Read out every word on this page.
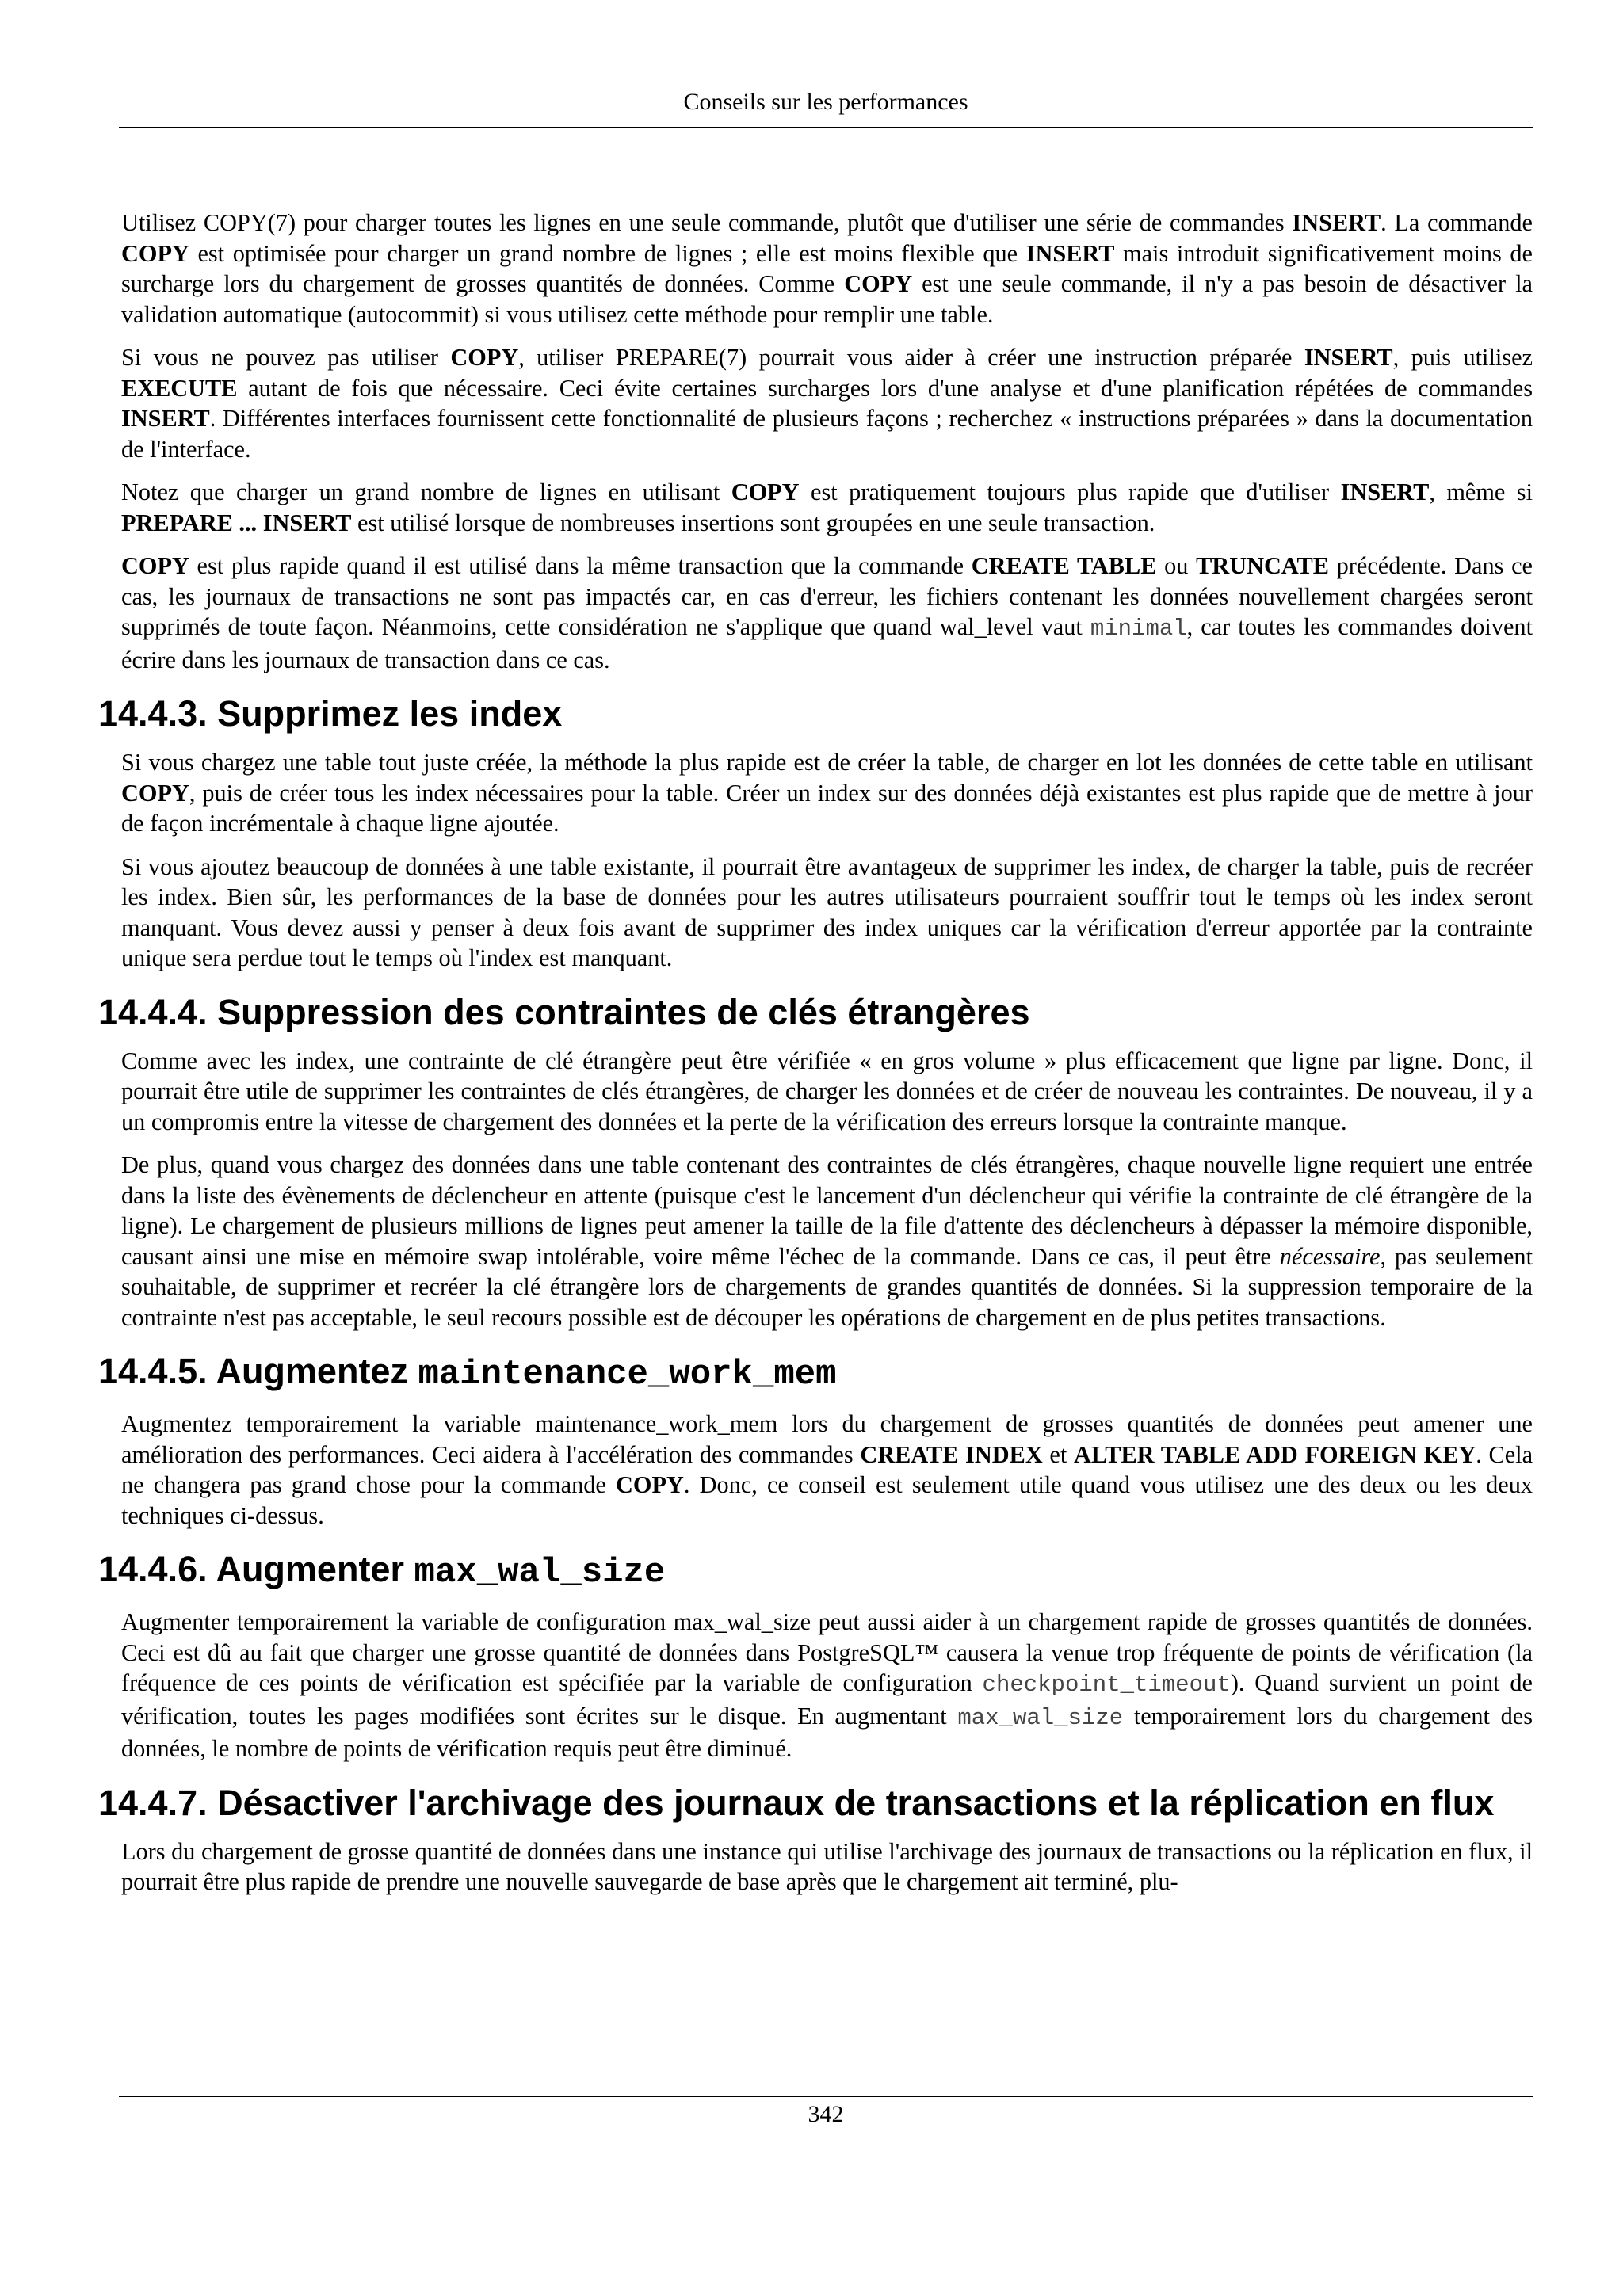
Conseils sur les performances

Utilisez COPY(7) pour charger toutes les lignes en une seule commande, plutôt que d'utiliser une série de commandes INSERT. La commande COPY est optimisée pour charger un grand nombre de lignes ; elle est moins flexible que INSERT mais introduit significativement moins de surcharge lors du chargement de grosses quantités de données. Comme COPY est une seule commande, il n'y a pas besoin de désactiver la validation automatique (autocommit) si vous utilisez cette méthode pour remplir une table.

Si vous ne pouvez pas utiliser COPY, utiliser PREPARE(7) pourrait vous aider à créer une instruction préparée INSERT, puis utilisez EXECUTE autant de fois que nécessaire. Ceci évite certaines surcharges lors d'une analyse et d'une planification répétées de commandes INSERT. Différentes interfaces fournissent cette fonctionnalité de plusieurs façons ; recherchez « instructions préparées » dans la documentation de l'interface.

Notez que charger un grand nombre de lignes en utilisant COPY est pratiquement toujours plus rapide que d'utiliser INSERT, même si PREPARE ... INSERT est utilisé lorsque de nombreuses insertions sont groupées en une seule transaction.

COPY est plus rapide quand il est utilisé dans la même transaction que la commande CREATE TABLE ou TRUNCATE précédente. Dans ce cas, les journaux de transactions ne sont pas impactés car, en cas d'erreur, les fichiers contenant les données nouvellement chargées seront supprimés de toute façon. Néanmoins, cette considération ne s'applique que quand wal_level vaut minimal, car toutes les commandes doivent écrire dans les journaux de transaction dans ce cas.

14.4.3. Supprimez les index

Si vous chargez une table tout juste créée, la méthode la plus rapide est de créer la table, de charger en lot les données de cette table en utilisant COPY, puis de créer tous les index nécessaires pour la table. Créer un index sur des données déjà existantes est plus rapide que de mettre à jour de façon incrémentale à chaque ligne ajoutée.

Si vous ajoutez beaucoup de données à une table existante, il pourrait être avantageux de supprimer les index, de charger la table, puis de recréer les index. Bien sûr, les performances de la base de données pour les autres utilisateurs pourraient souffrir tout le temps où les index seront manquant. Vous devez aussi y penser à deux fois avant de supprimer des index uniques car la vérification d'erreur apportée par la contrainte unique sera perdue tout le temps où l'index est manquant.

14.4.4. Suppression des contraintes de clés étrangères

Comme avec les index, une contrainte de clé étrangère peut être vérifiée « en gros volume » plus efficacement que ligne par ligne. Donc, il pourrait être utile de supprimer les contraintes de clés étrangères, de charger les données et de créer de nouveau les contraintes. De nouveau, il y a un compromis entre la vitesse de chargement des données et la perte de la vérification des erreurs lorsque la contrainte manque.

De plus, quand vous chargez des données dans une table contenant des contraintes de clés étrangères, chaque nouvelle ligne requiert une entrée dans la liste des évènements de déclencheur en attente (puisque c'est le lancement d'un déclencheur qui vérifie la contrainte de clé étrangère de la ligne). Le chargement de plusieurs millions de lignes peut amener la taille de la file d'attente des déclencheurs à dépasser la mémoire disponible, causant ainsi une mise en mémoire swap intolérable, voire même l'échec de la commande. Dans ce cas, il peut être nécessaire, pas seulement souhaitable, de supprimer et recréer la clé étrangère lors de chargements de grandes quantités de données. Si la suppression temporaire de la contrainte n'est pas acceptable, le seul recours possible est de découper les opérations de chargement en de plus petites transactions.

14.4.5. Augmentez maintenance_work_mem

Augmentez temporairement la variable maintenance_work_mem lors du chargement de grosses quantités de données peut amener une amélioration des performances. Ceci aidera à l'accélération des commandes CREATE INDEX et ALTER TABLE ADD FOREIGN KEY. Cela ne changera pas grand chose pour la commande COPY. Donc, ce conseil est seulement utile quand vous utilisez une des deux ou les deux techniques ci-dessus.

14.4.6. Augmenter max_wal_size

Augmenter temporairement la variable de configuration max_wal_size peut aussi aider à un chargement rapide de grosses quantités de données. Ceci est dû au fait que charger une grosse quantité de données dans PostgreSQL™ causera la venue trop fréquente de points de vérification (la fréquence de ces points de vérification est spécifiée par la variable de configuration checkpoint_timeout). Quand survient un point de vérification, toutes les pages modifiées sont écrites sur le disque. En augmentant max_wal_size temporairement lors du chargement des données, le nombre de points de vérification requis peut être diminué.

14.4.7. Désactiver l'archivage des journaux de transactions et la réplication en flux

Lors du chargement de grosse quantité de données dans une instance qui utilise l'archivage des journaux de transactions ou la réplication en flux, il pourrait être plus rapide de prendre une nouvelle sauvegarde de base après que le chargement ait terminé, plu-

342
